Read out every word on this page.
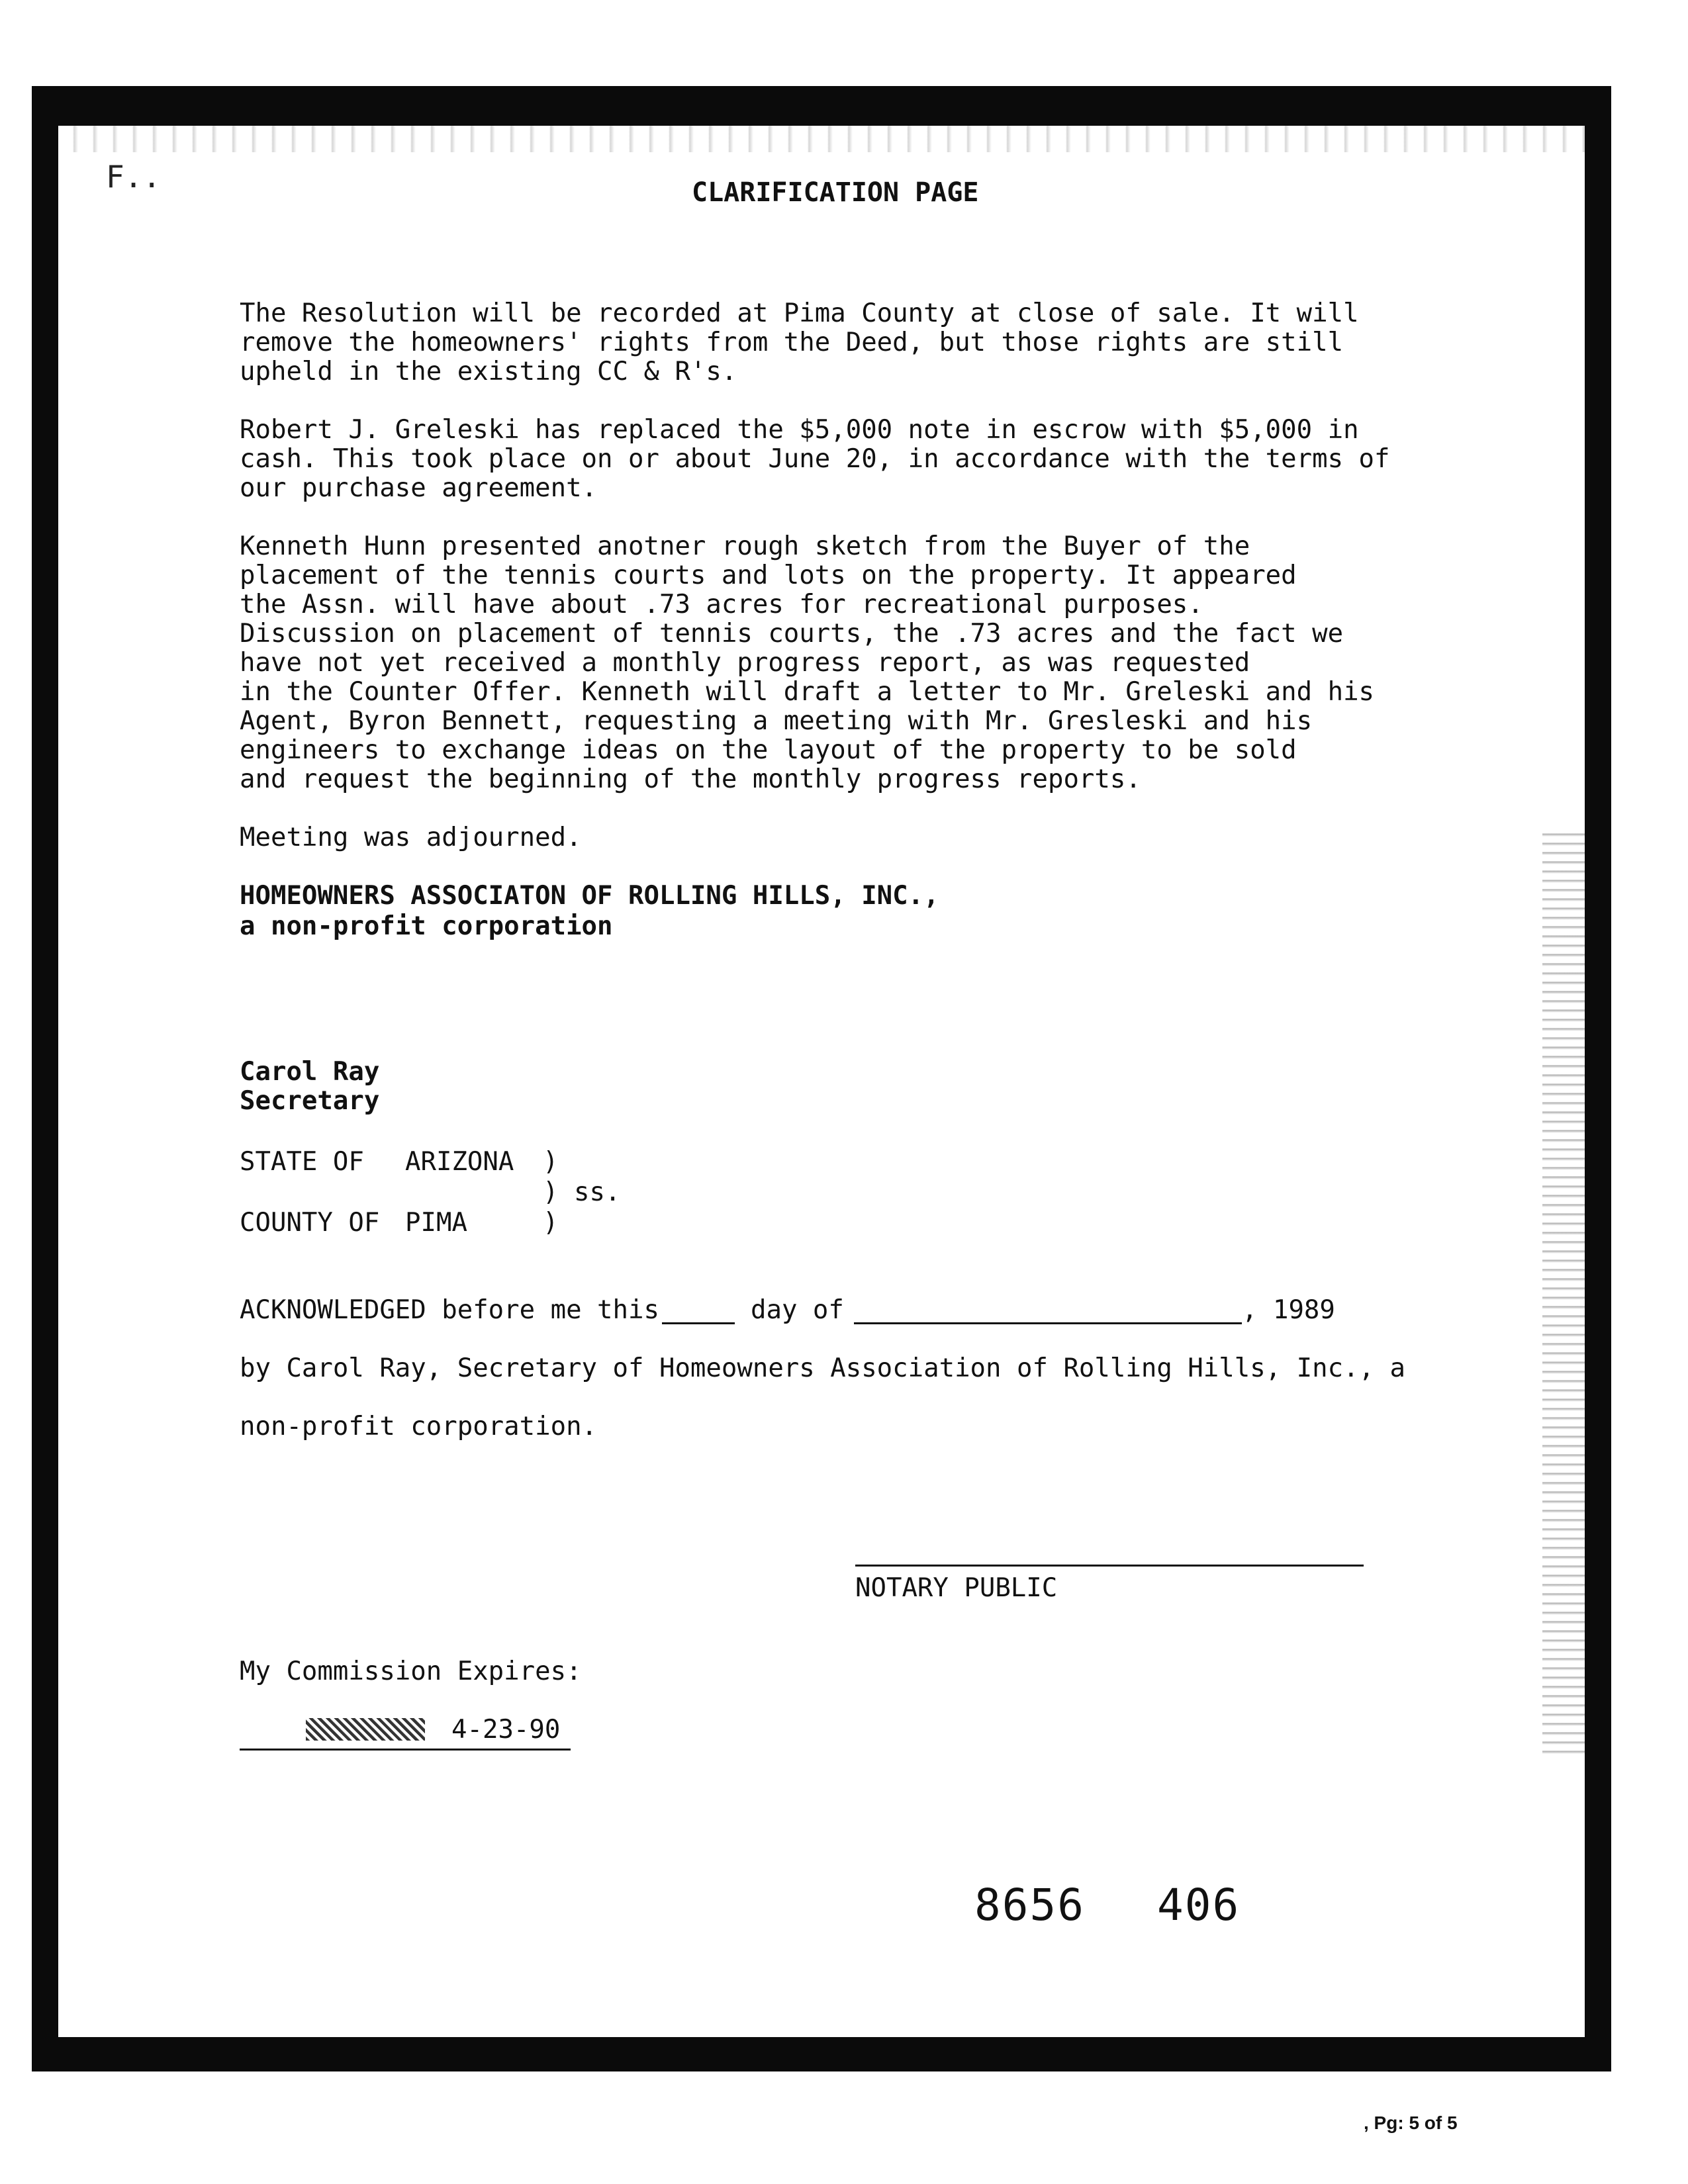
F..	CLARIFICATION PAGE
The Resolution will be recorded at Pima County at close of sale. It will
remove the homeowners' rights from the Deed, but those rights are still
upheld in the existing CC & R's.
Robert J. Greleski has replaced the $5,000 note in escrow with $5,000 in
cash. This took place on or about June 20, in accordance with the terms of
our purchase agreement.
Kenneth Hunn presented anotner rough sketch from the Buyer of the
placement of the tennis courts and lots on the property. It appeared
the Assn. will have about .73 acres for recreational purposes.
Discussion on placement of tennis courts, the .73 acres and the fact we
have not yet received a monthly progress report, as was requested
in the Counter Offer. Kenneth will draft a letter to Mr. Greleski and his
Agent, Byron Bennett, requesting a meeting with Mr. Gresleski and his
engineers to exchange ideas on the layout of the property to be sold
and request the beginning of the monthly progress reports.
Meeting was adjourned.
HOMEOWNERS ASSOCIATON OF ROLLING HILLS, INC.,
a non-profit corporation
Carol Ray
Secretary
STATE OF ARIZONA )
) ss.
COUNTY OF PIMA	)
ACKNOWLEDGED before me this	day of	, 1989
by Carol Ray, Secretary of Homeowners Association of Rolling Hills, Inc., a
non-profit corporation.
NOTARY PUBLIC
My Commission Expires:
4-23-90
8656 406
, Pg: 5 of 5
